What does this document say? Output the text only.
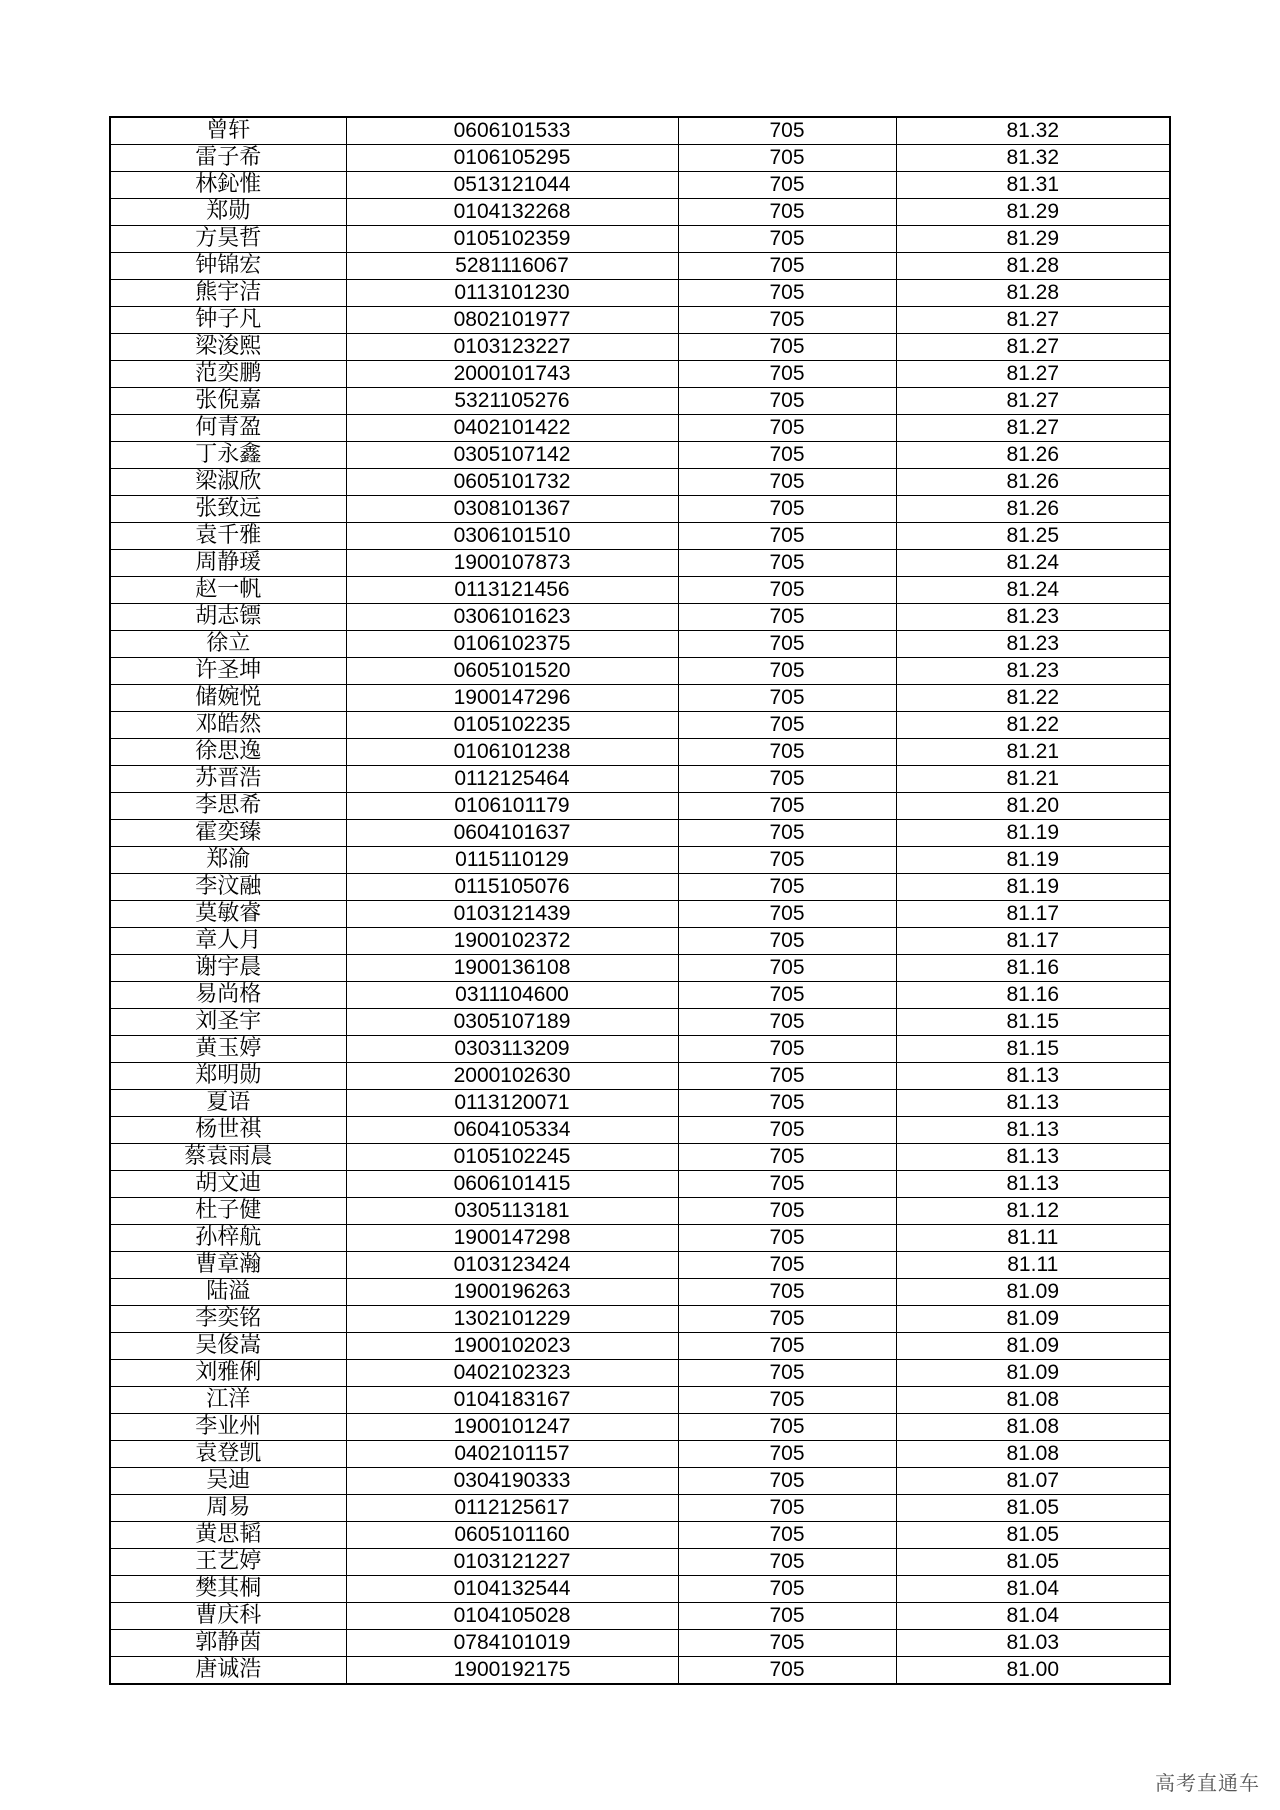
曾轩	0606101533	705	81.32
雷子希	0106105295	705	81.32
林鈊惟	0513121044	705	81.31
郑勋	0104132268	705	81.29
方昊哲	0105102359	705	81.29
钟锦宏	5281116067	705	81.28
熊宇洁	0113101230	705	81.28
钟子凡	0802101977	705	81.27
梁浚熙	0103123227	705	81.27
范奕鹏	2000101743	705	81.27
张倪嘉	5321105276	705	81.27
何青盈	0402101422	705	81.27
丁永鑫	0305107142	705	81.26
梁淑欣	0605101732	705	81.26
张致远	0308101367	705	81.26
袁千雅	0306101510	705	81.25
周静瑗	1900107873	705	81.24
赵一帆	0113121456	705	81.24
胡志镖	0306101623	705	81.23
徐立	0106102375	705	81.23
许圣坤	0605101520	705	81.23
储婉悦	1900147296	705	81.22
邓皓然	0105102235	705	81.22
徐思逸	0106101238	705	81.21
苏晋浩	0112125464	705	81.21
李思希	0106101179	705	81.20
霍奕臻	0604101637	705	81.19
郑渝	0115110129	705	81.19
李汶融	0115105076	705	81.19
莫敏睿	0103121439	705	81.17
章人月	1900102372	705	81.17
谢宇晨	1900136108	705	81.16
易尚格	0311104600	705	81.16
刘圣宇	0305107189	705	81.15
黄玉婷	0303113209	705	81.15
郑明勋	2000102630	705	81.13
夏语	0113120071	705	81.13
杨世祺	0604105334	705	81.13
蔡袁雨晨	0105102245	705	81.13
胡文迪	0606101415	705	81.13
杜子健	0305113181	705	81.12
孙梓航	1900147298	705	81.11
曹章瀚	0103123424	705	81.11
陆溢	1900196263	705	81.09
李奕铭	1302101229	705	81.09
吴俊嵩	1900102023	705	81.09
刘雅俐	0402102323	705	81.09
江洋	0104183167	705	81.08
李业州	1900101247	705	81.08
袁登凯	0402101157	705	81.08
吴迪	0304190333	705	81.07
周易	0112125617	705	81.05
黄思韬	0605101160	705	81.05
王艺婷	0103121227	705	81.05
樊其桐	0104132544	705	81.04
曹庆科	0104105028	705	81.04
郭静茵	0784101019	705	81.03
唐诚浩	1900192175	705	81.00
高考直通车
